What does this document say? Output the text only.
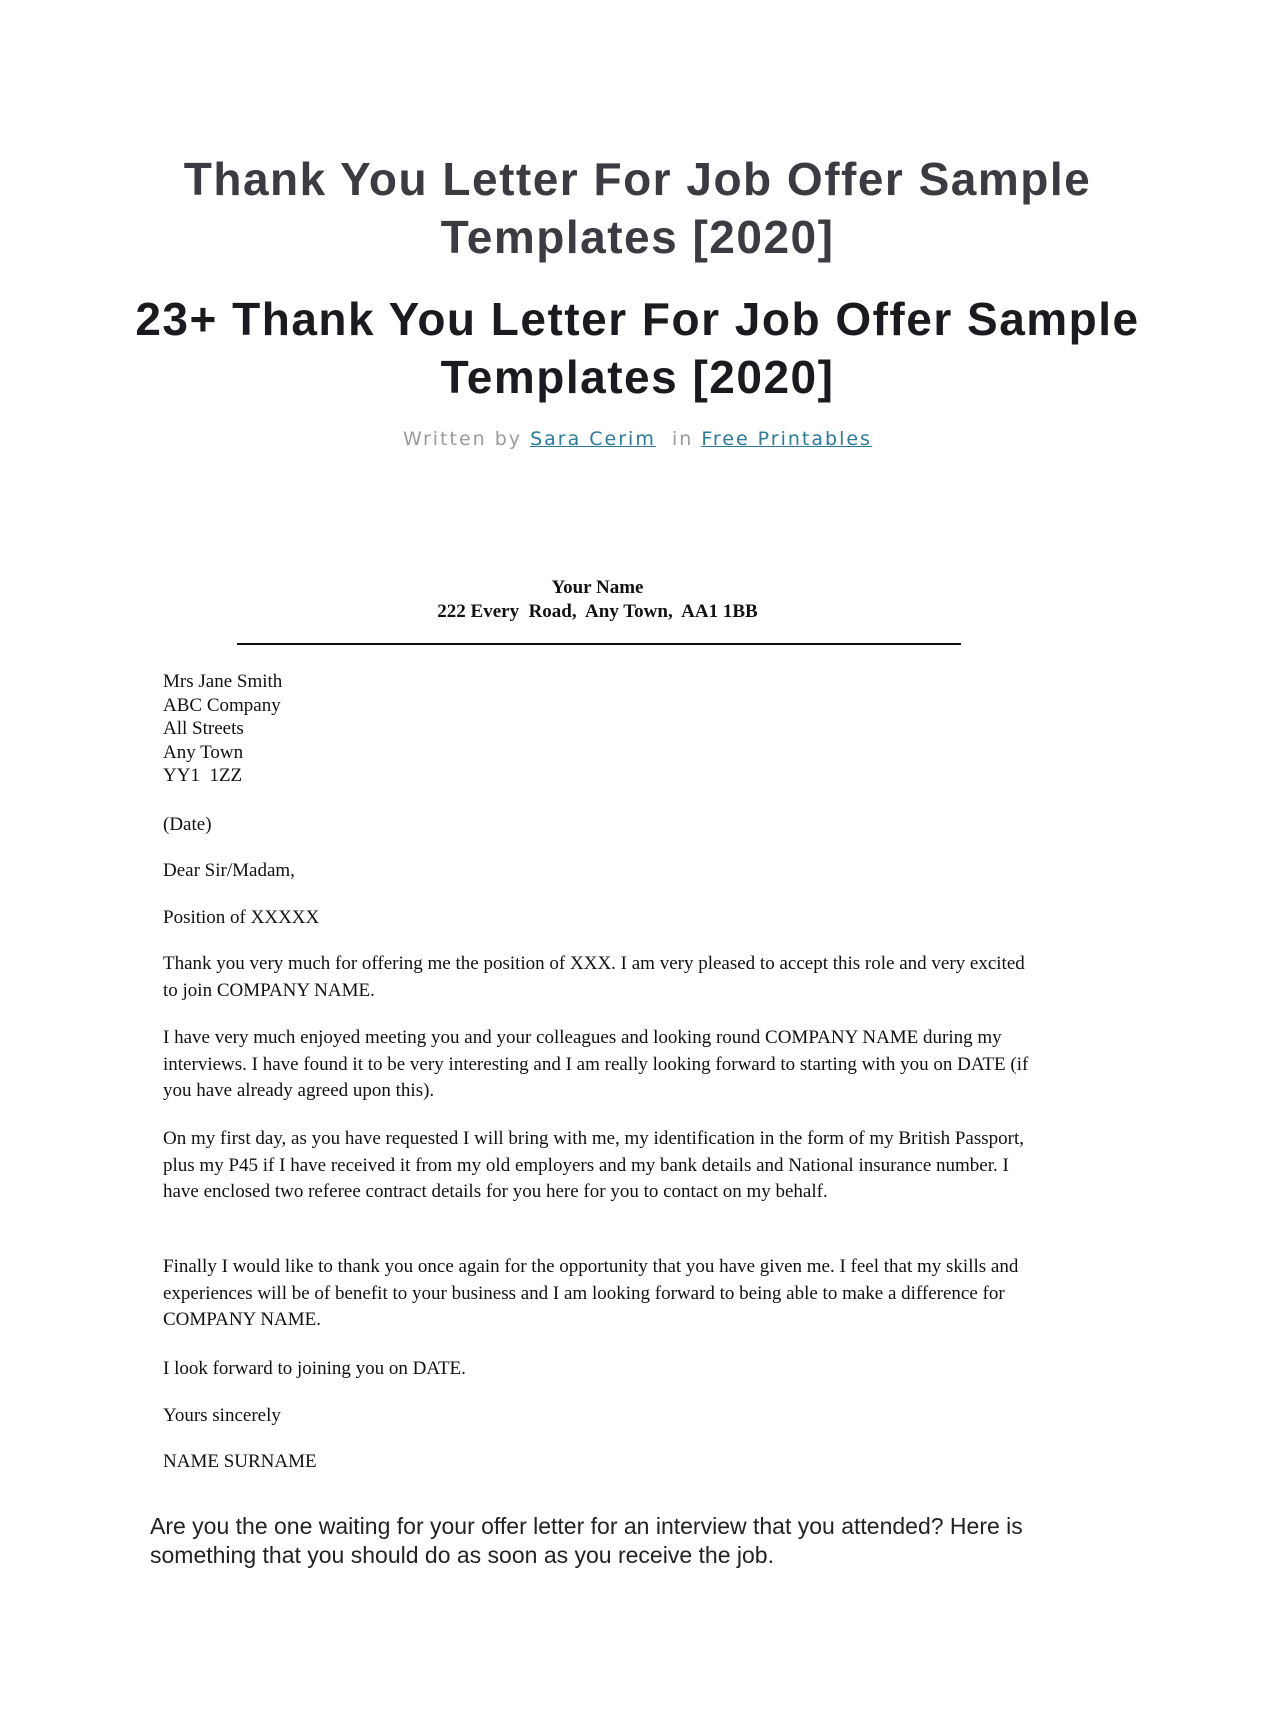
Thank You Letter For Job Offer Sample
Templates [2020]
23+ Thank You Letter For Job Offer Sample
Templates [2020]
Written by Sara Cerim in Free Printables
Your Name
222 Every  Road,  Any Town,  AA1 1BB
Mrs Jane Smith
ABC Company
All Streets
Any Town
YY1  1ZZ

(Date)

Dear Sir/Madam,

Position of XXXXX

Thank you very much for offering me the position of XXX. I am very pleased to accept this role and very excited to join COMPANY NAME.

I have very much enjoyed meeting you and your colleagues and looking round COMPANY NAME during my interviews. I have found it to be very interesting and I am really looking forward to starting with you on DATE (if you have already agreed upon this).

On my first day, as you have requested I will bring with me, my identification in the form of my British Passport, plus my P45 if I have received it from my old employers and my bank details and National insurance number. I have enclosed two referee contract details for you here for you to contact on my behalf.

Finally I would like to thank you once again for the opportunity that you have given me. I feel that my skills and experiences will be of benefit to your business and I am looking forward to being able to make a difference for COMPANY NAME.

I look forward to joining you on DATE.

Yours sincerely

NAME SURNAME

Are you the one waiting for your offer letter for an interview that you attended? Here is something that you should do as soon as you receive the job.
